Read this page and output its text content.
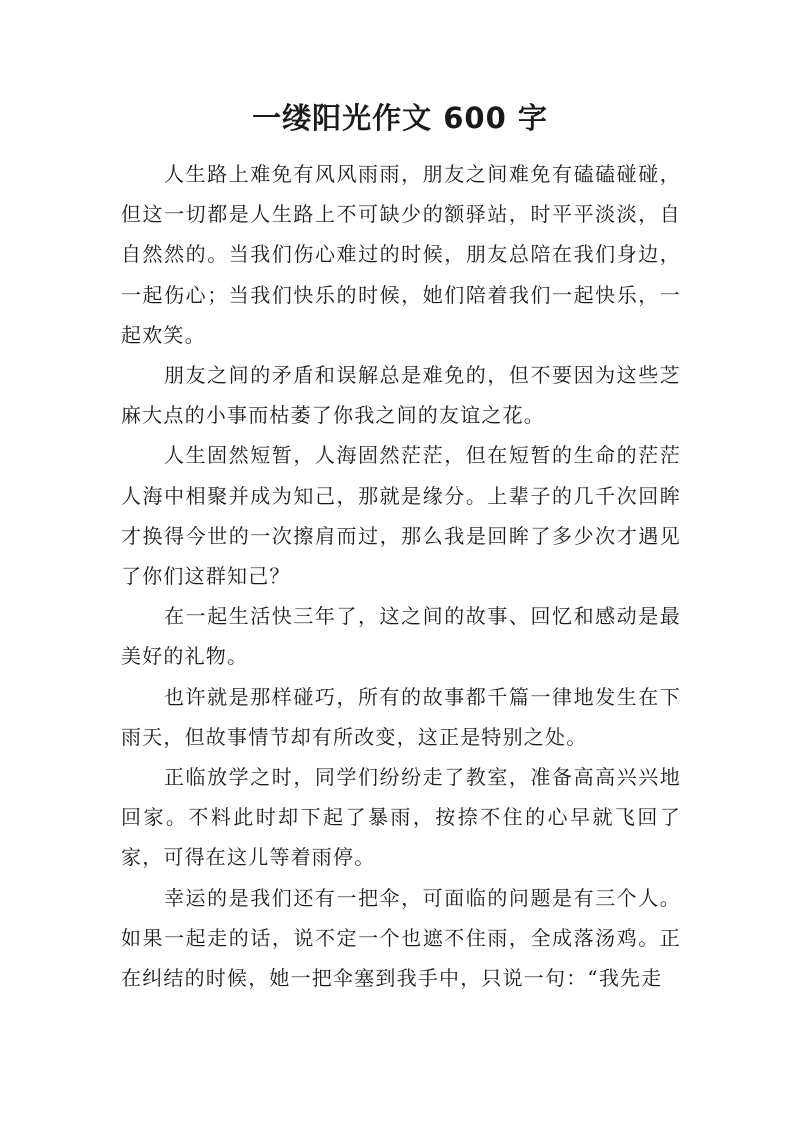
一缕阳光作文 600 字

人生路上难免有风风雨雨，朋友之间难免有磕磕碰碰，但这一切都是人生路上不可缺少的额驿站，时平平淡淡，自自然然的。当我们伤心难过的时候，朋友总陪在我们身边，一起伤心；当我们快乐的时候，她们陪着我们一起快乐，一起欢笑。

朋友之间的矛盾和误解总是难免的，但不要因为这些芝麻大点的小事而枯萎了你我之间的友谊之花。

人生固然短暂，人海固然茫茫，但在短暂的生命的茫茫人海中相聚并成为知己，那就是缘分。上辈子的几千次回眸才换得今世的一次擦肩而过，那么我是回眸了多少次才遇见了你们这群知己？

在一起生活快三年了，这之间的故事、回忆和感动是最美好的礼物。

也许就是那样碰巧，所有的故事都千篇一律地发生在下雨天，但故事情节却有所改变，这正是特别之处。

正临放学之时，同学们纷纷走了教室，准备高高兴兴地回家。不料此时却下起了暴雨，按捺不住的心早就飞回了家，可得在这儿等着雨停。

幸运的是我们还有一把伞，可面临的问题是有三个人。如果一起走的话，说不定一个也遮不住雨，全成落汤鸡。正在纠结的时候，她一把伞塞到我手中，只说一句：“我先走
